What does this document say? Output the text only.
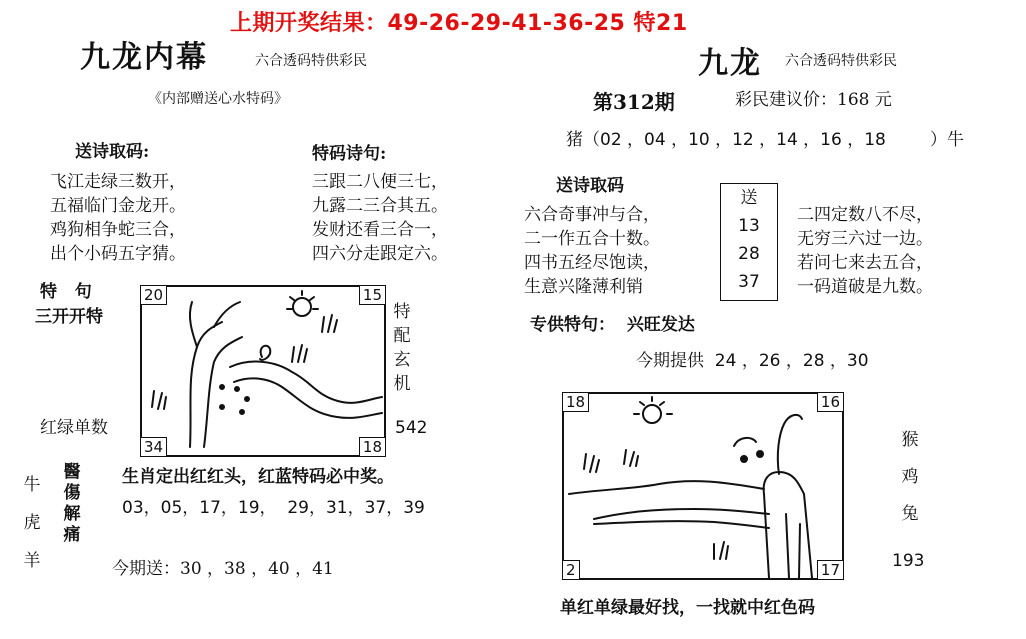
上期开奖结果：49-26-29-41-36-25 特21
九龙内幕	六合透码特供彩民
《内部赠送心水特码》
送诗取码:
飞江走绿三数开，
五福临门金龙开。
鸡狗相争蛇三合，
出个小码五字猜。
特码诗句:
三跟二八便三七，
九露二三合其五。
发财还看三合一，
四六分走跟定六。
特   句
三开开特
20	15
34	18
特
配
玄
机
542
红绿单数
牛
虎
羊
醫
傷
解
痛
生肖定出红红头，红蓝特码必中奖。
03，05，17，19，  29，31，37，39
今期送：30 ，38 ，40 ，41
九龙 六合透码特供彩民
第312期	彩民建议价：168 元
猪（02 ，04 ，10 ，12 ，14 ，16 ，18	）牛
送诗取码
六合奇事冲与合，
二一作五合十数。
四书五经尽饱读，
生意兴隆薄利销
送
13
28
37
二四定数八不尽，
无穷三六过一边。
若问七来去五合，
一码道破是九数。
专供特句：  兴旺发达
今期提供  24 ，26 ，28 ，30
18	16
2	17
猴
鸡
兔
193
单红单绿最好找，一找就中红色码
